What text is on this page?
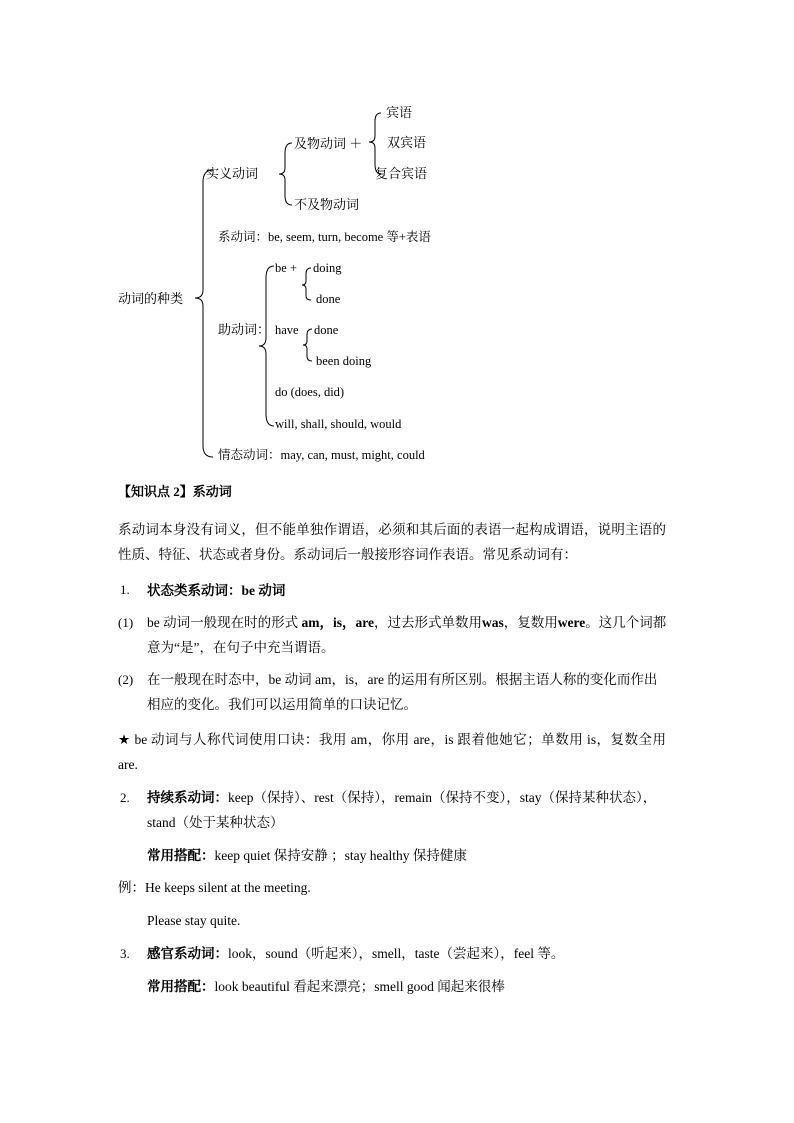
动词的种类
实义动词
及物动词 ＋
宾语
双宾语
复合宾语
不及物动词
系动词：be, seem, turn, become 等+表语
助动词：
be + doing
done
have done
been doing
do (does, did)
will, shall, should, would
情态动词：may, can, must, might, could
【知识点 2】系动词
系动词本身没有词义，但不能单独作谓语，必须和其后面的表语一起构成谓语，说明主语的性质、特征、状态或者身份。系动词后一般接形容词作表语。常见系动词有：
1. 状态类系动词：be 动词
(1) be 动词一般现在时的形式 am，is，are，过去形式单数用was，复数用were。这几个词都意为“是”，在句子中充当谓语。
(2) 在一般现在时态中，be 动词 am，is，are 的运用有所区别。根据主语人称的变化而作出相应的变化。我们可以运用简单的口诀记忆。
★ be 动词与人称代词使用口诀：我用 am，你用 are，is 跟着他她它；单数用 is，复数全用 are.
2. 持续系动词：keep（保持）、rest（保持），remain（保持不变），stay（保持某种状态），stand（处于某种状态）
常用搭配：keep quiet 保持安静 ；stay healthy 保持健康
例：He keeps silent at the meeting.
Please stay quite.
3. 感官系动词：look，sound（听起来），smell，taste（尝起来），feel 等。
常用搭配：look beautiful 看起来漂亮；smell good 闻起来很棒
